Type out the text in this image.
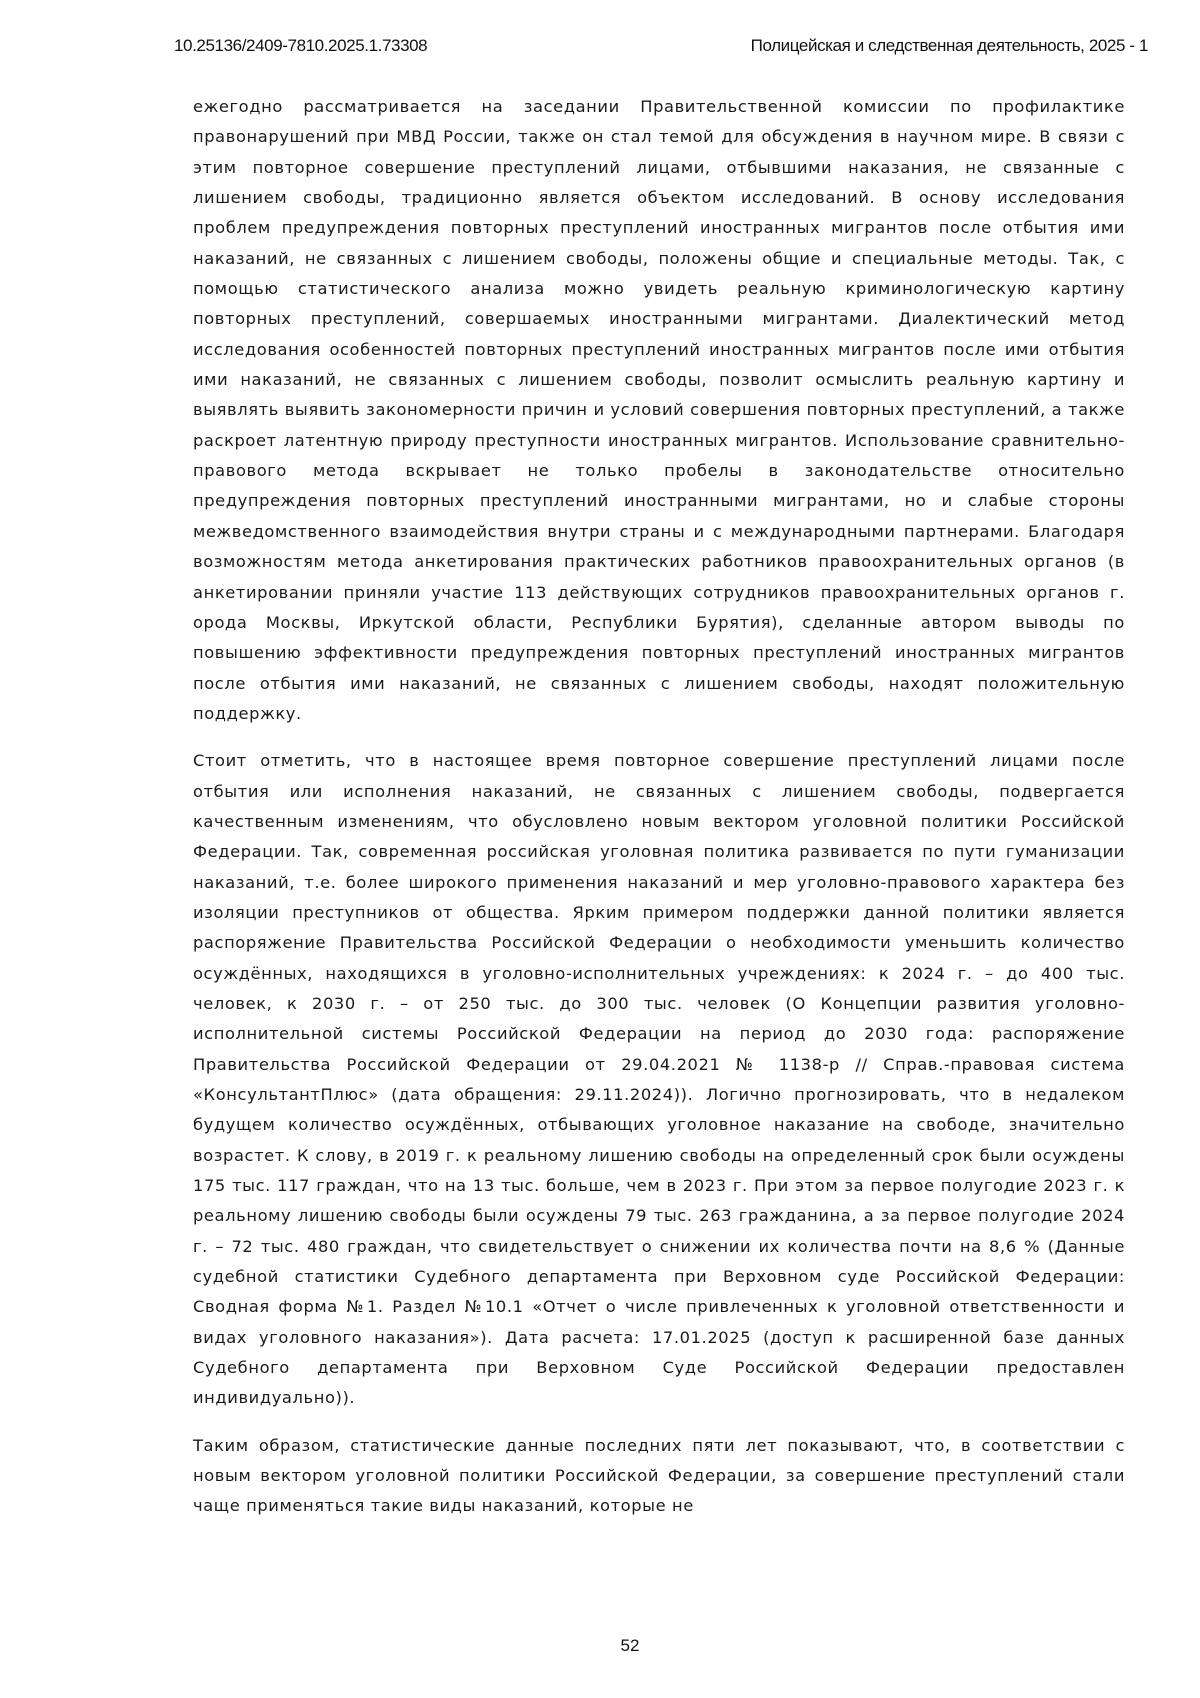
10.25136/2409-7810.2025.1.73308	Полицейская и следственная деятельность, 2025 - 1

ежегодно рассматривается на заседании Правительственной комиссии по профилактике правонарушений при МВД России, также он стал темой для обсуждения в научном мире. В связи с этим повторное совершение преступлений лицами, отбывшими наказания, не связанные с лишением свободы, традиционно является объектом исследований. В основу исследования проблем предупреждения повторных преступлений иностранных мигрантов после отбытия ими наказаний, не связанных с лишением свободы, положены общие и специальные методы. Так, с помощью статистического анализа можно увидеть реальную криминологическую картину повторных преступлений, совершаемых иностранными мигрантами. Диалектический метод исследования особенностей повторных преступлений иностранных мигрантов после ими отбытия ими наказаний, не связанных с лишением свободы, позволит осмыслить реальную картину и выявлять выявить закономерности причин и условий совершения повторных преступлений, а также раскроет латентную природу преступности иностранных мигрантов. Использование сравнительно-правового метода вскрывает не только пробелы в законодательстве относительно предупреждения повторных преступлений иностранными мигрантами, но и слабые стороны межведомственного взаимодействия внутри страны и с международными партнерами. Благодаря возможностям метода анкетирования практических работников правоохранительных органов (в анкетировании приняли участие 113 действующих сотрудников правоохранительных органов г. орода Москвы, Иркутской области, Республики Бурятия), сделанные автором выводы по повышению эффективности предупреждения повторных преступлений иностранных мигрантов после отбытия ими наказаний, не связанных с лишением свободы, находят положительную поддержку.

Стоит отметить, что в настоящее время повторное совершение преступлений лицами после отбытия или исполнения наказаний, не связанных с лишением свободы, подвергается качественным изменениям, что обусловлено новым вектором уголовной политики Российской Федерации. Так, современная российская уголовная политика развивается по пути гуманизации наказаний, т.е. более широкого применения наказаний и мер уголовно-правового характера без изоляции преступников от общества. Ярким примером поддержки данной политики является распоряжение Правительства Российской Федерации о необходимости уменьшить количество осуждённых, находящихся в уголовно-исполнительных учреждениях: к 2024 г. – до 400 тыс. человек, к 2030 г. – от 250 тыс. до 300 тыс. человек (О Концепции развития уголовно-исполнительной системы Российской Федерации на период до 2030 года: распоряжение Правительства Российской Федерации от 29.04.2021 № 1138-р // Справ.-правовая система «КонсультантПлюс» (дата обращения: 29.11.2024)). Логично прогнозировать, что в недалеком будущем количество осуждённых, отбывающих уголовное наказание на свободе, значительно возрастет. К слову, в 2019 г. к реальному лишению свободы на определенный срок были осуждены 175 тыс. 117 граждан, что на 13 тыс. больше, чем в 2023 г. При этом за первое полугодие 2023 г. к реальному лишению свободы были осуждены 79 тыс. 263 гражданина, а за первое полугодие 2024 г. – 72 тыс. 480 граждан, что свидетельствует о снижении их количества почти на 8,6 % (Данные судебной статистики Судебного департамента при Верховном суде Российской Федерации: Сводная форма №1. Раздел №10.1 «Отчет о числе привлеченных к уголовной ответственности и видах уголовного наказания»). Дата расчета: 17.01.2025 (доступ к расширенной базе данных Судебного департамента при Верховном Суде Российской Федерации предоставлен индивидуально)).

Таким образом, статистические данные последних пяти лет показывают, что, в соответствии с новым вектором уголовной политики Российской Федерации, за совершение преступлений стали чаще применяться такие виды наказаний, которые не

52
